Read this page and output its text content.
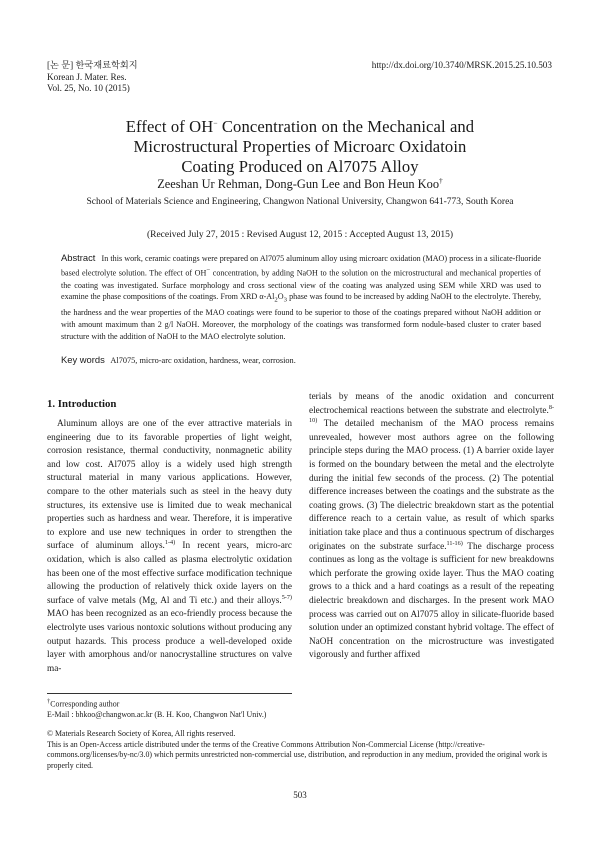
[논 문] 한국재료학회지
Korean J. Mater. Res.
Vol. 25, No. 10 (2015)
http://dx.doi.org/10.3740/MRSK.2015.25.10.503
Effect of OH− Concentration on the Mechanical and
Microstructural Properties of Microarc Oxidatoin
Coating Produced on Al7075 Alloy
Zeeshan Ur Rehman, Dong-Gun Lee and Bon Heun Koo†
School of Materials Science and Engineering, Changwon National University, Changwon 641-773, South Korea
(Received July 27, 2015 : Revised August 12, 2015 : Accepted August 13, 2015)
Abstract In this work, ceramic coatings were prepared on Al7075 aluminum alloy using microarc oxidation (MAO) process in a silicate-fluoride based electrolyte solution. The effect of OH− concentration, by adding NaOH to the solution on the microstructural and mechanical properties of the coating was investigated. Surface morphology and cross sectional view of the coating was analyzed using SEM while XRD was used to examine the phase compositions of the coatings. From XRD $\alpha-Al_2O_3$ phase was found to be increased by adding NaOH to the electrolyte. Thereby, the hardness and the wear properties of the MAO coatings were found to be superior to those of the coatings prepared without NaOH addition or with amount maximum than 2 g/l NaOH. Moreover, the morphology of the coatings was transformed form nodule-based cluster to crater based structure with the addition of NaOH to the MAO electrolyte solution.
Key words Al7075, micro-arc oxidation, hardness, wear, corrosion.
1. Introduction

Aluminum alloys are one of the ever attractive materials in engineering due to its favorable properties of light weight, corrosion resistance, thermal conductivity, nonmagnetic ability and low cost. Al7075 alloy is a widely used high strength structural material in many various applications. However, compare to the other materials such as steel in the heavy duty structures, its extensive use is limited due to weak mechanical properties such as hardness and wear. Therefore, it is imperative to explore and use new techniques in order to strengthen the surface of aluminum alloys.$^{1-4)}$ In recent years, micro-arc oxidation, which is also called as plasma electrolytic oxidation has been one of the most effective surface modification technique allowing the production of relatively thick oxide layers on the surface of valve metals (Mg, Al and Ti etc.) and their alloys.$^{5-7)}$ MAO has been recognized as an eco-friendly process because the electrolyte uses various nontoxic solutions without producing any output hazards. This process produce a well-developed oxide layer with amorphous and/or nanocrystalline structures on valve ma-

terials by means of the anodic oxidation and concurrent electrochemical reactions between the substrate and electrolyte.$^{8-10)}$ The detailed mechanism of the MAO process remains unrevealed, however most authors agree on the following principle steps during the MAO process. (1) A barrier oxide layer is formed on the boundary between the metal and the electrolyte during the initial few seconds of the process. (2) The potential difference increases between the coatings and the substrate as the coating grows. (3) The dielectric breakdown start as the potential difference reach to a certain value, as result of which sparks initiation take place and thus a continuous spectrum of discharges originates on the substrate surface.$^{11-16)}$ The discharge process continues as long as the voltage is sufficient for new breakdowns which perforate the growing oxide layer. Thus the MAO coating grows to a thick and a hard coatings as a result of the repeating dielectric breakdown and discharges. In the present work MAO process was carried out on Al7075 alloy in silicate-fluoride based solution under an optimized constant hybrid voltage. The effect of NaOH concentration on the microstructure was investigated vigorously and further affixed

†Corresponding author
E-Mail : bhkoo@changwon.ac.kr (B. H. Koo, Changwon Nat'l Univ.)
© Materials Research Society of Korea, All rights reserved.
This is an Open-Access article distributed under the terms of the Creative Commons Attribution Non-Commercial License (http://creative-commons.org/licenses/by-nc/3.0) which permits unrestricted non-commercial use, distribution, and reproduction in any medium, provided the original work is properly cited.
503
